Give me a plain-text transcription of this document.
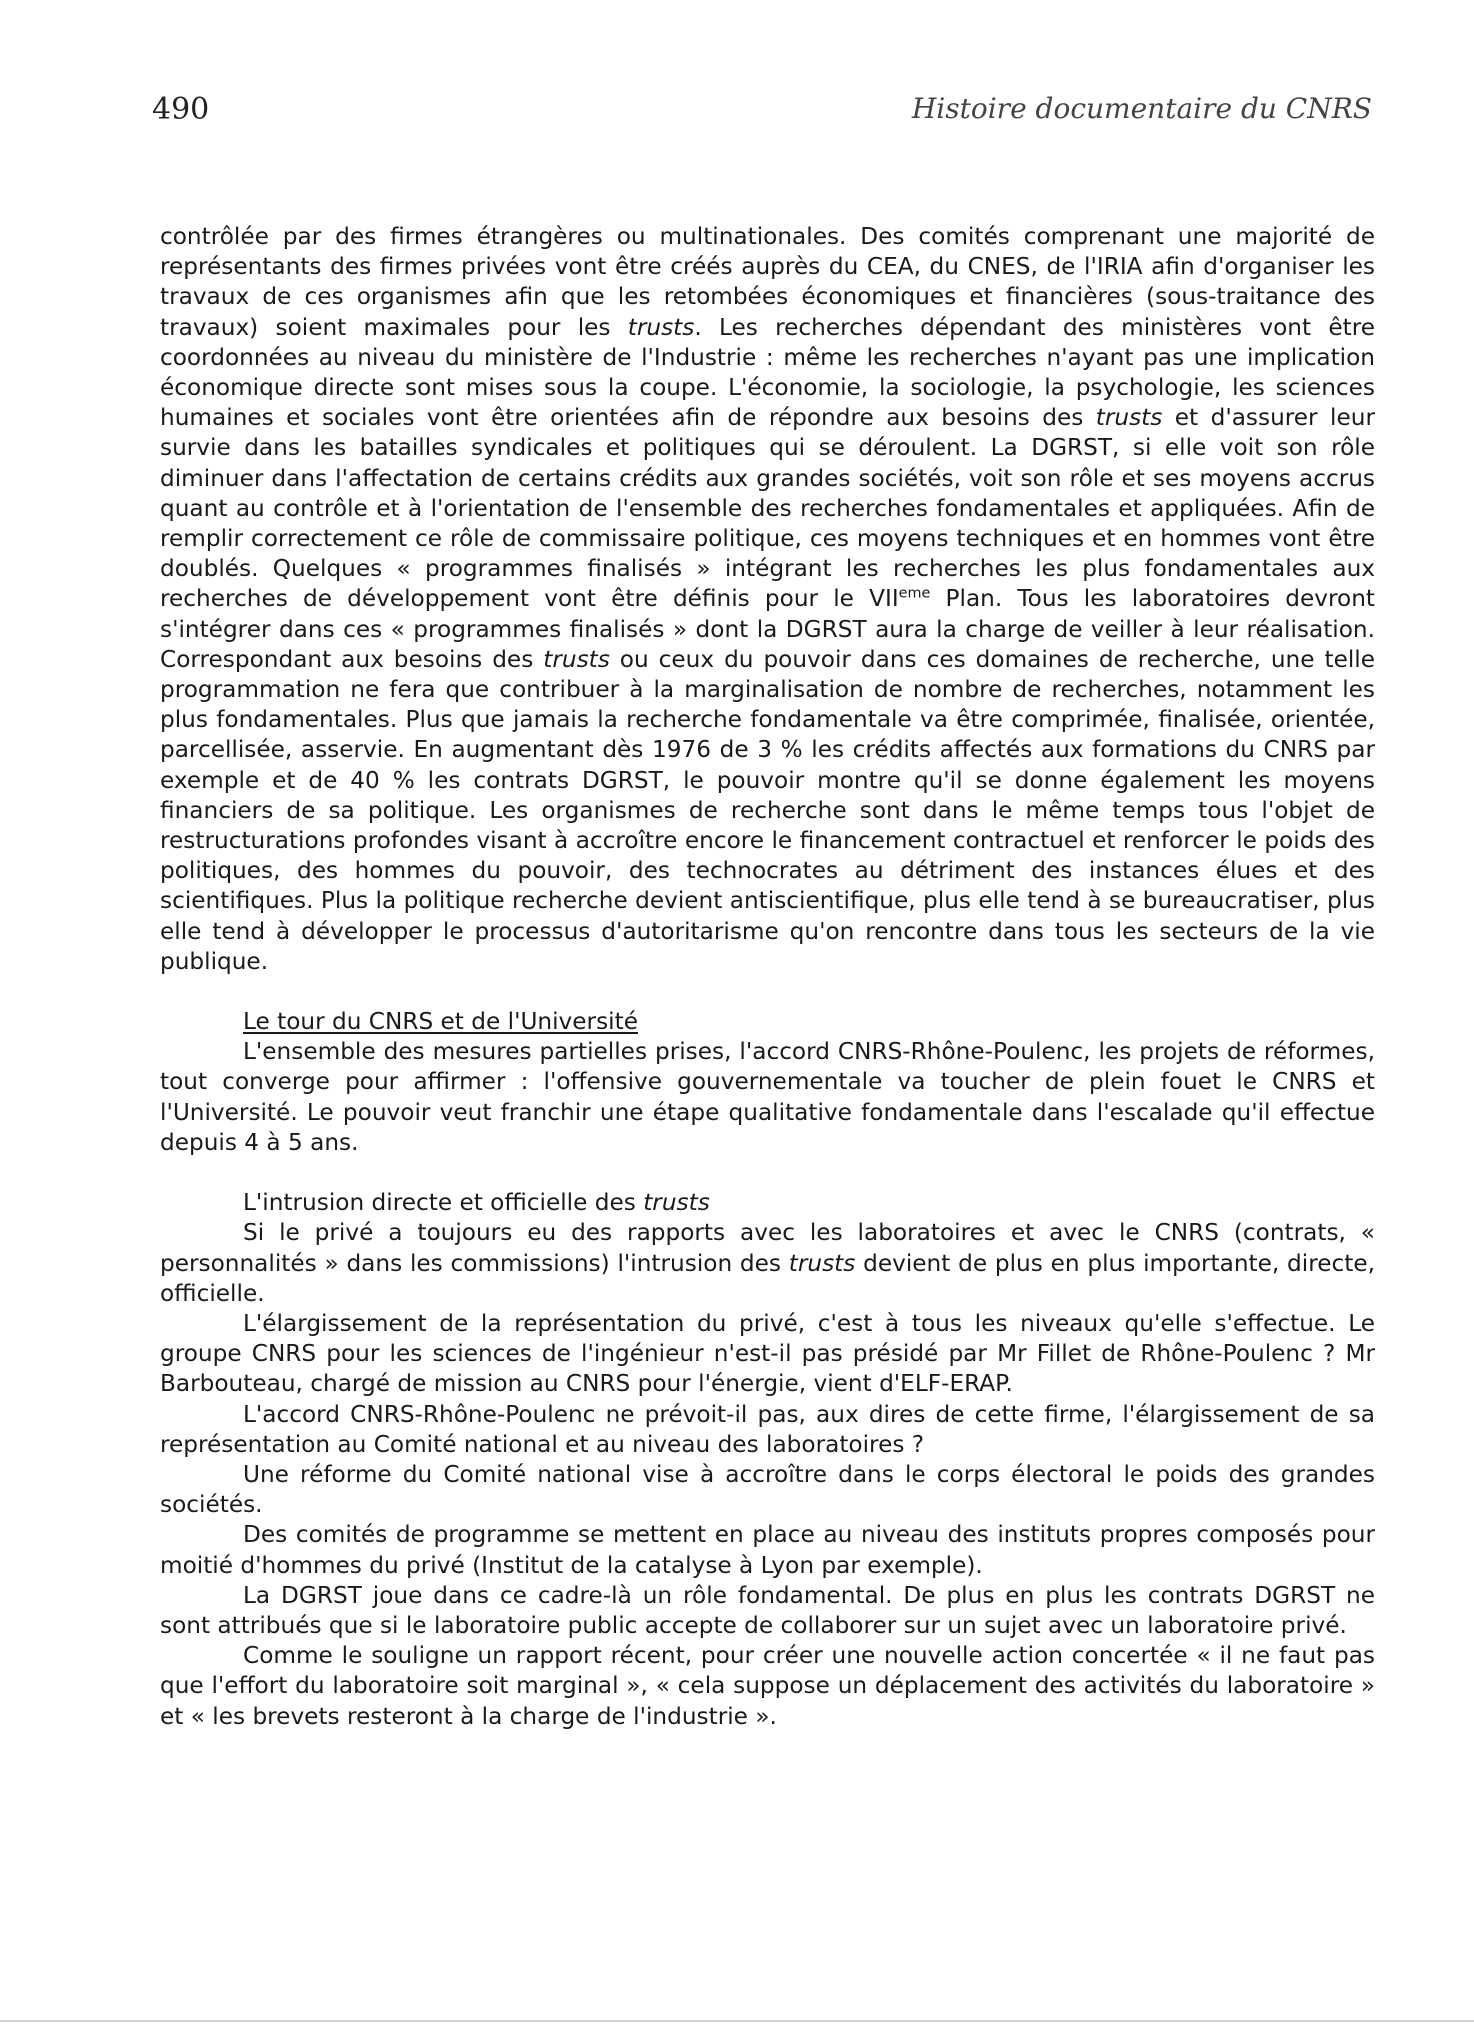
490	Histoire documentaire du CNRS

contrôlée par des firmes étrangères ou multinationales. Des comités comprenant une majorité de représentants des firmes privées vont être créés auprès du CEA, du CNES, de l'IRIA afin d'organiser les travaux de ces organismes afin que les retombées économiques et financières (sous-traitance des travaux) soient maximales pour les trusts. Les recherches dépendant des ministères vont être coordonnées au niveau du ministère de l'Industrie : même les recherches n'ayant pas une implication économique directe sont mises sous la coupe. L'économie, la sociologie, la psychologie, les sciences humaines et sociales vont être orientées afin de répondre aux besoins des trusts et d'assurer leur survie dans les batailles syndicales et politiques qui se déroulent. La DGRST, si elle voit son rôle diminuer dans l'affectation de certains crédits aux grandes sociétés, voit son rôle et ses moyens accrus quant au contrôle et à l'orientation de l'ensemble des recherches fondamentales et appliquées. Afin de remplir correctement ce rôle de commissaire politique, ces moyens techniques et en hommes vont être doublés. Quelques « programmes finalisés » intégrant les recherches les plus fondamentales aux recherches de développement vont être définis pour le VIIeme Plan. Tous les laboratoires devront s'intégrer dans ces « programmes finalisés » dont la DGRST aura la charge de veiller à leur réalisation. Correspondant aux besoins des trusts ou ceux du pouvoir dans ces domaines de recherche, une telle programmation ne fera que contribuer à la marginalisation de nombre de recherches, notamment les plus fondamentales. Plus que jamais la recherche fondamentale va être comprimée, finalisée, orientée, parcellisée, asservie. En augmentant dès 1976 de 3 % les crédits affectés aux formations du CNRS par exemple et de 40 % les contrats DGRST, le pouvoir montre qu'il se donne également les moyens financiers de sa politique. Les organismes de recherche sont dans le même temps tous l'objet de restructurations profondes visant à accroître encore le financement contractuel et renforcer le poids des politiques, des hommes du pouvoir, des technocrates au détriment des instances élues et des scientifiques. Plus la politique recherche devient antiscientifique, plus elle tend à se bureaucratiser, plus elle tend à développer le processus d'autoritarisme qu'on rencontre dans tous les secteurs de la vie publique.

Le tour du CNRS et de l'Université

L'ensemble des mesures partielles prises, l'accord CNRS-Rhône-Poulenc, les projets de réformes, tout converge pour affirmer : l'offensive gouvernementale va toucher de plein fouet le CNRS et l'Université. Le pouvoir veut franchir une étape qualitative fondamentale dans l'escalade qu'il effectue depuis 4 à 5 ans.

L'intrusion directe et officielle des trusts

Si le privé a toujours eu des rapports avec les laboratoires et avec le CNRS (contrats, « personnalités » dans les commissions) l'intrusion des trusts devient de plus en plus importante, directe, officielle.

L'élargissement de la représentation du privé, c'est à tous les niveaux qu'elle s'effectue. Le groupe CNRS pour les sciences de l'ingénieur n'est-il pas présidé par Mr Fillet de Rhône-Poulenc ? Mr Barbouteau, chargé de mission au CNRS pour l'énergie, vient d'ELF-ERAP.

L'accord CNRS-Rhône-Poulenc ne prévoit-il pas, aux dires de cette firme, l'élargissement de sa représentation au Comité national et au niveau des laboratoires ?

Une réforme du Comité national vise à accroître dans le corps électoral le poids des grandes sociétés.

Des comités de programme se mettent en place au niveau des instituts propres composés pour moitié d'hommes du privé (Institut de la catalyse à Lyon par exemple).

La DGRST joue dans ce cadre-là un rôle fondamental. De plus en plus les contrats DGRST ne sont attribués que si le laboratoire public accepte de collaborer sur un sujet avec un laboratoire privé.

Comme le souligne un rapport récent, pour créer une nouvelle action concertée « il ne faut pas que l'effort du laboratoire soit marginal », « cela suppose un déplacement des activités du laboratoire » et « les brevets resteront à la charge de l'industrie ».
